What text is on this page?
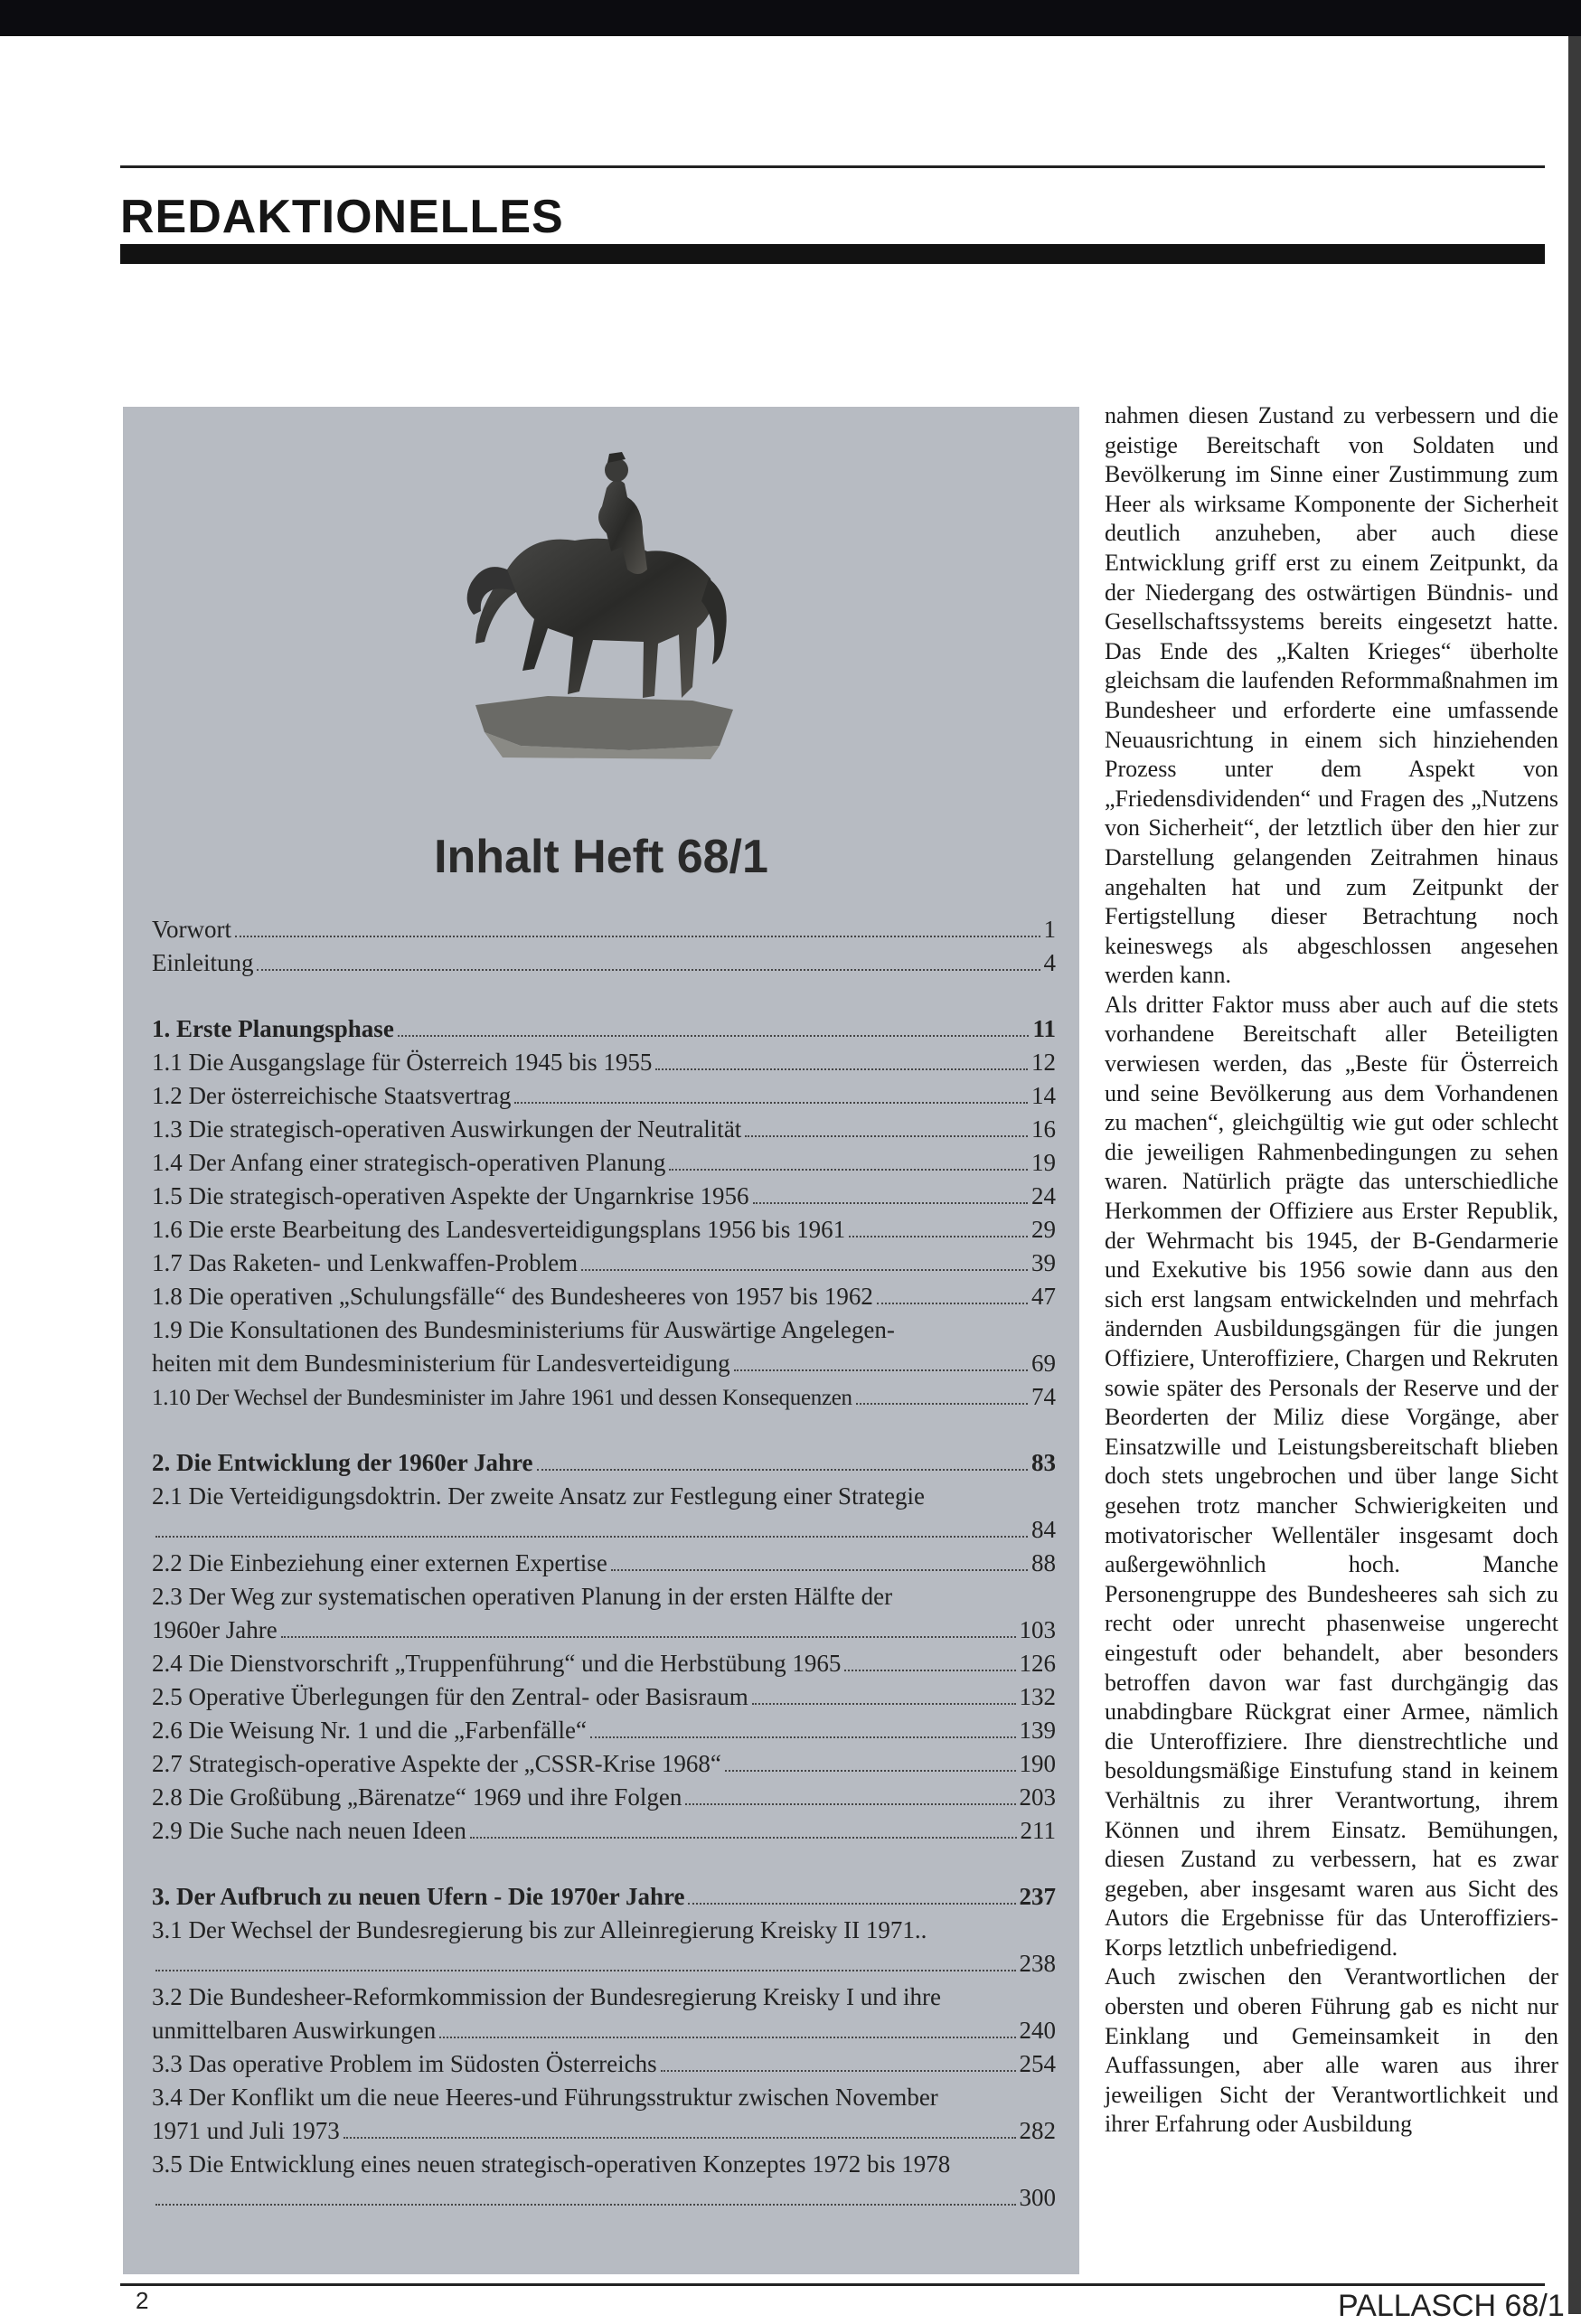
REDAKTIONELLES
Inhalt Heft 68/1
Vorwort	1
Einleitung	4
1. Erste Planungsphase	11
1.1 Die Ausgangslage für Österreich 1945 bis 1955	12
1.2 Der österreichische Staatsvertrag	14
1.3 Die strategisch-operativen Auswirkungen der Neutralität	16
1.4 Der Anfang einer strategisch-operativen Planung	19
1.5 Die strategisch-operativen Aspekte der Ungarnkrise 1956	24
1.6 Die erste Bearbeitung des Landesverteidigungsplans 1956 bis 1961	29
1.7 Das Raketen- und Lenkwaffen-Problem	39
1.8 Die operativen „Schulungsfälle“ des Bundesheeres von 1957 bis 1962	47
1.9 Die Konsultationen des Bundesministeriums für Auswärtige Angelegen-
heiten mit dem Bundesministerium für Landesverteidigung	69
1.10 Der Wechsel der Bundesminister im Jahre 1961 und dessen Konsequenzen	74
2. Die Entwicklung der 1960er Jahre	83
2.1 Die Verteidigungsdoktrin. Der zweite Ansatz zur Festlegung einer Strategie
84
2.2 Die Einbeziehung einer externen Expertise	88
2.3 Der Weg zur systematischen operativen Planung in der ersten Hälfte der
1960er Jahre	103
2.4 Die Dienstvorschrift „Truppenführung“ und die Herbstübung 1965	126
2.5 Operative Überlegungen für den Zentral- oder Basisraum	132
2.6 Die Weisung Nr. 1 und die „Farbenfälle“	139
2.7 Strategisch-operative Aspekte der „CSSR-Krise 1968“	190
2.8 Die Großübung „Bärenatze“ 1969 und ihre Folgen	203
2.9 Die Suche nach neuen Ideen	211
3. Der Aufbruch zu neuen Ufern - Die 1970er Jahre	237
3.1 Der Wechsel der Bundesregierung bis zur Alleinregierung Kreisky II 1971..
238
3.2 Die Bundesheer-Reformkommission der Bundesregierung Kreisky I und ihre
unmittelbaren Auswirkungen	240
3.3 Das operative Problem im Südosten Österreichs	254
3.4 Der Konflikt um die neue Heeres-und Führungsstruktur zwischen November
1971 und Juli 1973	282
3.5 Die Entwicklung eines neuen strategisch-operativen Konzeptes 1972 bis 1978
300

nahmen diesen Zustand zu verbessern und die geistige Bereitschaft von Soldaten und Bevölkerung im Sinne einer Zustimmung zum Heer als wirksame Komponente der Sicherheit deutlich anzuheben, aber auch diese Entwicklung griff erst zu einem Zeitpunkt, da der Niedergang des ostwärtigen Bündnis- und Gesellschaftssystems bereits eingesetzt hatte. Das Ende des „Kalten Krieges“ überholte gleichsam die laufenden Reformmaßnahmen im Bundesheer und erforderte eine umfassende Neuausrichtung in einem sich hinziehenden Prozess unter dem Aspekt von „Friedensdividenden“ und Fragen des „Nutzens von Sicherheit“, der letztlich über den hier zur Darstellung gelangenden Zeitrahmen hinaus angehalten hat und zum Zeitpunkt der Fertigstellung dieser Betrachtung noch keineswegs als abgeschlossen angesehen werden kann.

Als dritter Faktor muss aber auch auf die stets vorhandene Bereitschaft aller Beteiligten verwiesen werden, das „Beste für Österreich und seine Bevölkerung aus dem Vorhandenen zu machen“, gleichgültig wie gut oder schlecht die jeweiligen Rahmenbedingungen zu sehen waren. Natürlich prägte das unterschiedliche Herkommen der Offiziere aus Erster Republik, der Wehrmacht bis 1945, der B-Gendarmerie und Exekutive bis 1956 sowie dann aus den sich erst langsam entwickelnden und mehrfach ändernden Ausbildungsgängen für die jungen Offiziere, Unteroffiziere, Chargen und Rekruten sowie später des Personals der Reserve und der Beorderten der Miliz diese Vorgänge, aber Einsatzwille und Leistungsbereitschaft blieben doch stets ungebrochen und über lange Sicht gesehen trotz mancher Schwierigkeiten und motivatorischer Wellentäler insgesamt doch außergewöhnlich hoch. Manche Personengruppe des Bundesheeres sah sich zu recht oder unrecht phasenweise ungerecht eingestuft oder behandelt, aber besonders betroffen davon war fast durchgängig das unabdingbare Rückgrat einer Armee, nämlich die Unteroffiziere. Ihre dienstrechtliche und besoldungsmäßige Einstufung stand in keinem Verhältnis zu ihrer Verantwortung, ihrem Können und ihrem Einsatz. Bemühungen, diesen Zustand zu verbessern, hat es zwar gegeben, aber insgesamt waren aus Sicht des Autors die Ergebnisse für das Unteroffiziers-Korps letztlich unbefriedigend.

Auch zwischen den Verantwortlichen der obersten und oberen Führung gab es nicht nur Einklang und Gemeinsamkeit in den Auffassungen, aber alle waren aus ihrer jeweiligen Sicht der Verantwortlichkeit und ihrer Erfahrung oder Ausbildung

2	PALLASCH 68/1
